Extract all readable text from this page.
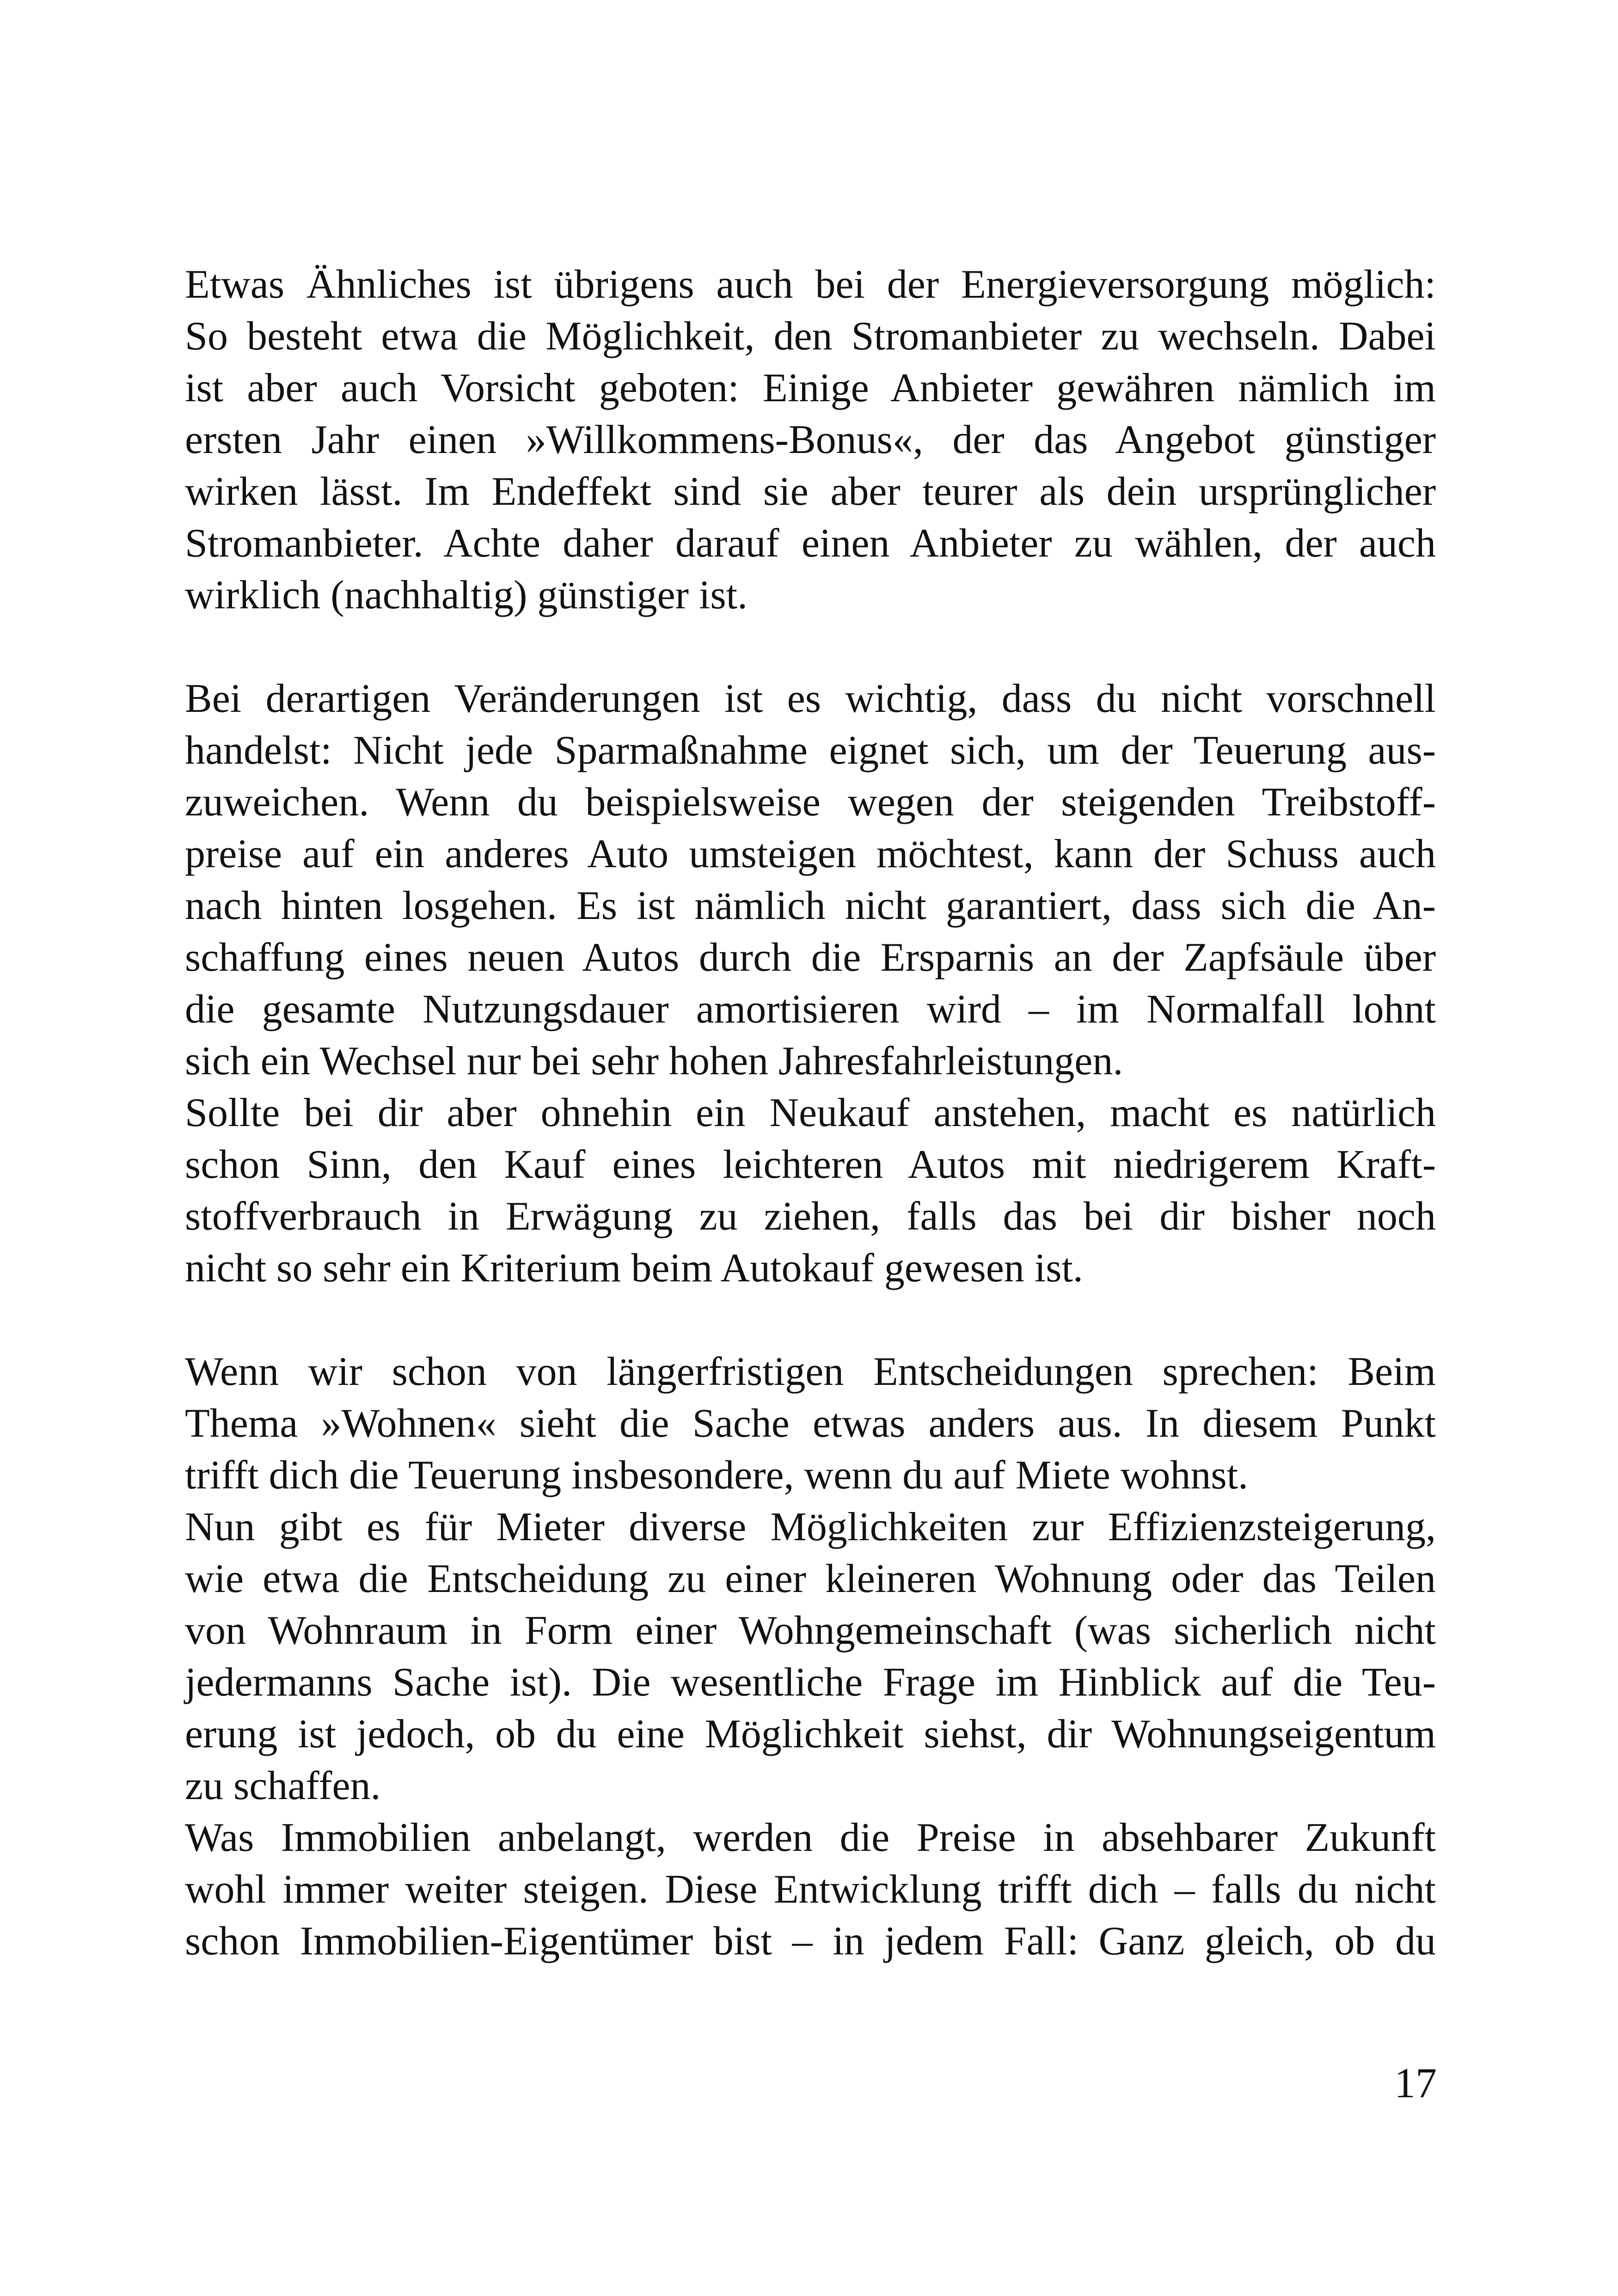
Etwas Ähnliches ist übrigens auch bei der Energieversorgung möglich:
So besteht etwa die Möglichkeit, den Stromanbieter zu wechseln. Dabei
ist aber auch Vorsicht geboten: Einige Anbieter gewähren nämlich im
ersten Jahr einen »Willkommens-Bonus«, der das Angebot günstiger
wirken lässt. Im Endeffekt sind sie aber teurer als dein ursprünglicher
Stromanbieter. Achte daher darauf einen Anbieter zu wählen, der auch
wirklich (nachhaltig) günstiger ist.
Bei derartigen Veränderungen ist es wichtig, dass du nicht vorschnell
handelst: Nicht jede Sparmaßnahme eignet sich, um der Teuerung aus-
zuweichen. Wenn du beispielsweise wegen der steigenden Treibstoff-
preise auf ein anderes Auto umsteigen möchtest, kann der Schuss auch
nach hinten losgehen. Es ist nämlich nicht garantiert, dass sich die An-
schaffung eines neuen Autos durch die Ersparnis an der Zapfsäule über
die gesamte Nutzungsdauer amortisieren wird – im Normalfall lohnt
sich ein Wechsel nur bei sehr hohen Jahresfahrleistungen.
Sollte bei dir aber ohnehin ein Neukauf anstehen, macht es natürlich
schon Sinn, den Kauf eines leichteren Autos mit niedrigerem Kraft-
stoffverbrauch in Erwägung zu ziehen, falls das bei dir bisher noch
nicht so sehr ein Kriterium beim Autokauf gewesen ist.
Wenn wir schon von längerfristigen Entscheidungen sprechen: Beim
Thema »Wohnen« sieht die Sache etwas anders aus. In diesem Punkt
trifft dich die Teuerung insbesondere, wenn du auf Miete wohnst.
Nun gibt es für Mieter diverse Möglichkeiten zur Effizienzsteigerung,
wie etwa die Entscheidung zu einer kleineren Wohnung oder das Teilen
von Wohnraum in Form einer Wohngemeinschaft (was sicherlich nicht
jedermanns Sache ist). Die wesentliche Frage im Hinblick auf die Teu-
erung ist jedoch, ob du eine Möglichkeit siehst, dir Wohnungseigentum
zu schaffen.
Was Immobilien anbelangt, werden die Preise in absehbarer Zukunft
wohl immer weiter steigen. Diese Entwicklung trifft dich – falls du nicht
schon Immobilien-Eigentümer bist – in jedem Fall: Ganz gleich, ob du
17
